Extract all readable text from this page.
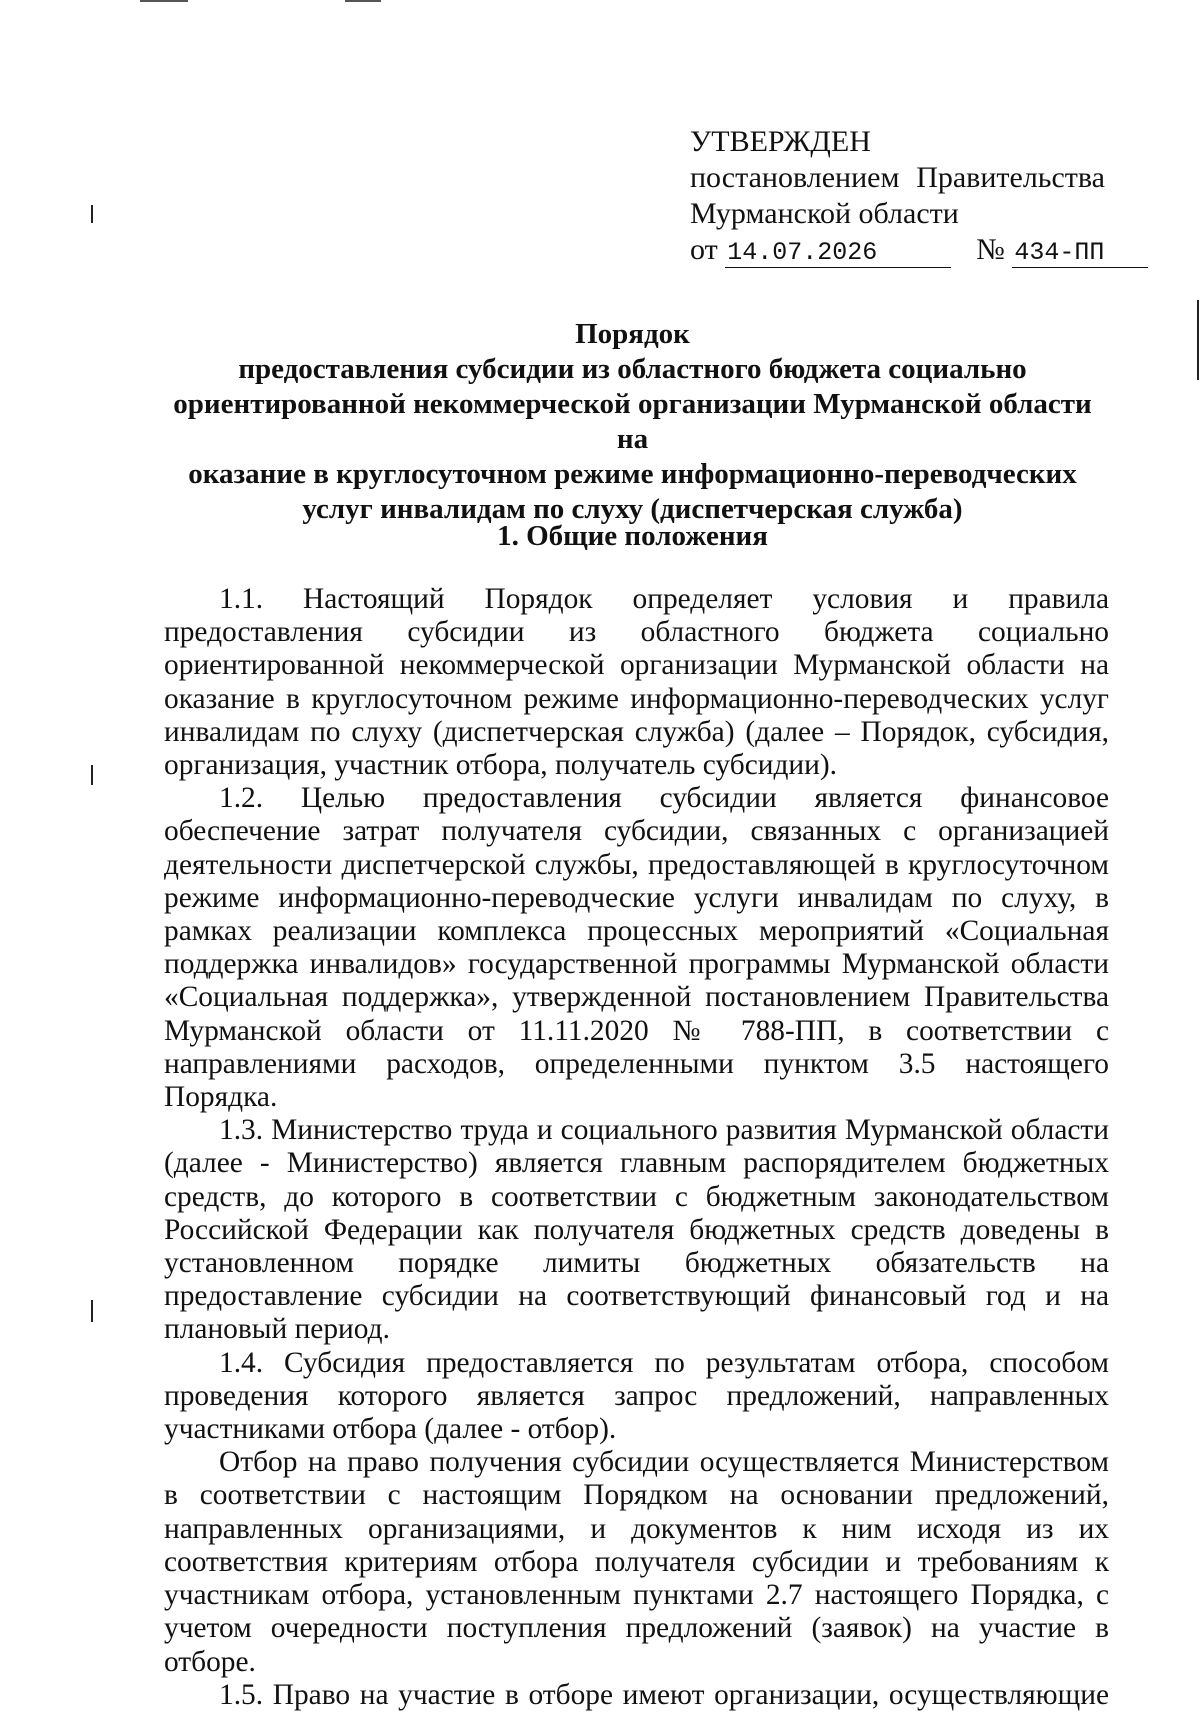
УТВЕРЖДЕН
постановлением Правительства
Мурманской области
от 14.07.2026	№ 434-ПП
Порядок
предоставления субсидии из областного бюджета социально
ориентированной некоммерческой организации Мурманской области на
оказание в круглосуточном режиме информационно-переводческих
услуг инвалидам по слуху (диспетчерская служба)
1. Общие положения

1.1. Настоящий Порядок определяет условия и правила предоставления субсидии из областного бюджета социально ориентированной некоммерческой организации Мурманской области на оказание в круглосуточном режиме информационно-переводческих услуг инвалидам по слуху (диспетчерская служба) (далее – Порядок, субсидия, организация, участник отбора, получатель субсидии).

1.2. Целью предоставления субсидии является финансовое обеспечение затрат получателя субсидии, связанных с организацией деятельности диспетчерской службы, предоставляющей в круглосуточном режиме информационно-переводческие услуги инвалидам по слуху, в рамках реализации комплекса процессных мероприятий «Социальная поддержка инвалидов» государственной программы Мурманской области «Социальная поддержка», утвержденной постановлением Правительства Мурманской области от 11.11.2020 № 788-ПП, в соответствии с направлениями расходов, определенными пунктом 3.5 настоящего Порядка.

1.3. Министерство труда и социального развития Мурманской области (далее - Министерство) является главным распорядителем бюджетных средств, до которого в соответствии с бюджетным законодательством Российской Федерации как получателя бюджетных средств доведены в установленном порядке лимиты бюджетных обязательств на предоставление субсидии на соответствующий финансовый год и на плановый период.

1.4. Субсидия предоставляется по результатам отбора, способом проведения которого является запрос предложений, направленных участниками отбора (далее - отбор).

Отбор на право получения субсидии осуществляется Министерством в соответствии с настоящим Порядком на основании предложений, направленных организациями, и документов к ним исходя из их соответствия критериям отбора получателя субсидии и требованиям к участникам отбора, установленным пунктами 2.7 настоящего Порядка, с учетом очередности поступления предложений (заявок) на участие в отборе.

1.5. Право на участие в отборе имеют организации, осуществляющие
